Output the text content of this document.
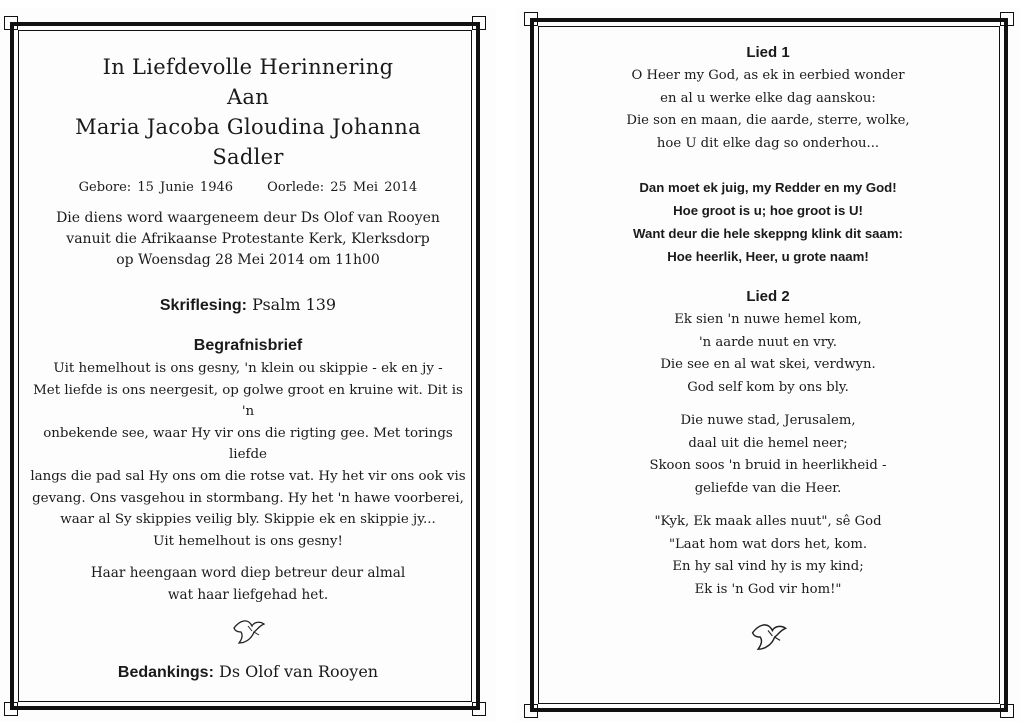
In Liefdevolle Herinnering
Aan
Maria Jacoba Gloudina Johanna
Sadler
Gebore: 15 Junie 1946	Oorlede: 25 Mei 2014
Die diens word waargeneem deur Ds Olof van Rooyen
vanuit die Afrikaanse Protestante Kerk, Klerksdorp
op Woensdag 28 Mei 2014 om 11h00
Skriflesing: Psalm 139
Begrafnisbrief
Uit hemelhout is ons gesny, 'n klein ou skippie - ek en jy -
Met liefde is ons neergesit, op golwe groot en kruine wit. Dit is 'n
onbekende see, waar Hy vir ons die rigting gee. Met torings liefde
langs die pad sal Hy ons om die rotse vat. Hy het vir ons ook vis
gevang. Ons vasgehou in stormbang. Hy het 'n hawe voorberei,
waar al Sy skippies veilig bly. Skippie ek en skippie jy...
Uit hemelhout is ons gesny!
Haar heengaan word diep betreur deur almal
wat haar liefgehad het.
Bedankings: Ds Olof van Rooyen
Lied 1
O Heer my God, as ek in eerbied wonder
en al u werke elke dag aanskou:
Die son en maan, die aarde, sterre, wolke,
hoe U dit elke dag so onderhou...
Dan moet ek juig, my Redder en my God!
Hoe groot is u; hoe groot is U!
Want deur die hele skeppng klink dit saam:
Hoe heerlik, Heer, u grote naam!
Lied 2
Ek sien 'n nuwe hemel kom,
'n aarde nuut en vry.
Die see en al wat skei, verdwyn.
God self kom by ons bly.
Die nuwe stad, Jerusalem,
daal uit die hemel neer;
Skoon soos 'n bruid in heerlikheid -
geliefde van die Heer.
"Kyk, Ek maak alles nuut", sê God
"Laat hom wat dors het, kom.
En hy sal vind hy is my kind;
Ek is 'n God vir hom!"
